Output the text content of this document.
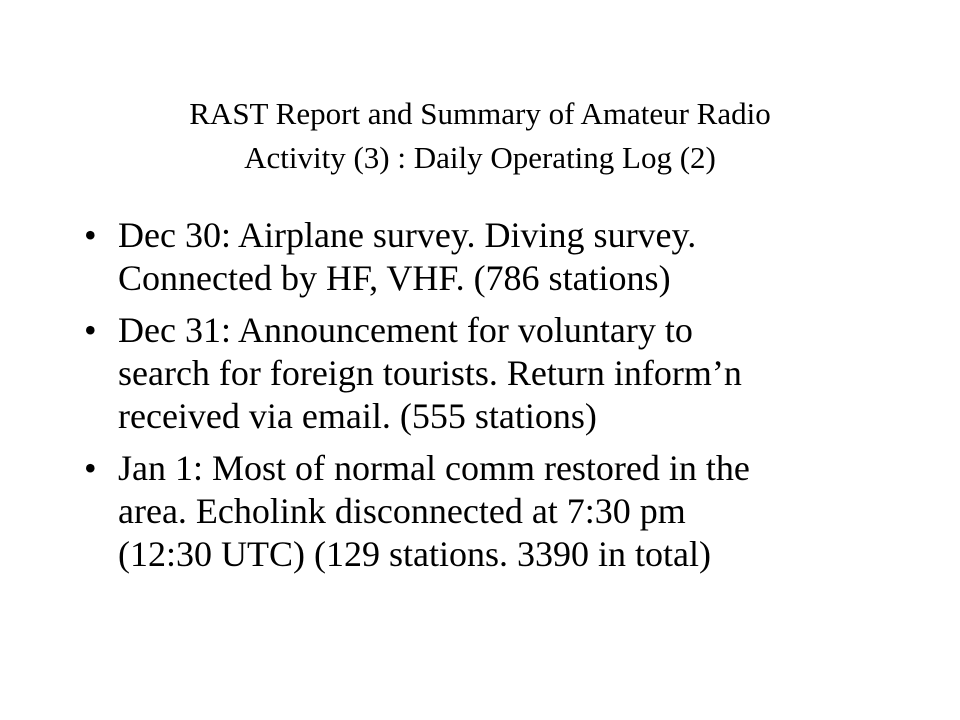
RAST Report and Summary of Amateur Radio
Activity (3) : Daily Operating Log (2)
• Dec 30: Airplane survey. Diving survey.
Connected by HF, VHF. (786 stations)
• Dec 31: Announcement for voluntary to
search for foreign tourists. Return inform’n
received via email. (555 stations)
• Jan 1: Most of normal comm restored in the
area. Echolink disconnected at 7:30 pm
(12:30 UTC) (129 stations. 3390 in total)
